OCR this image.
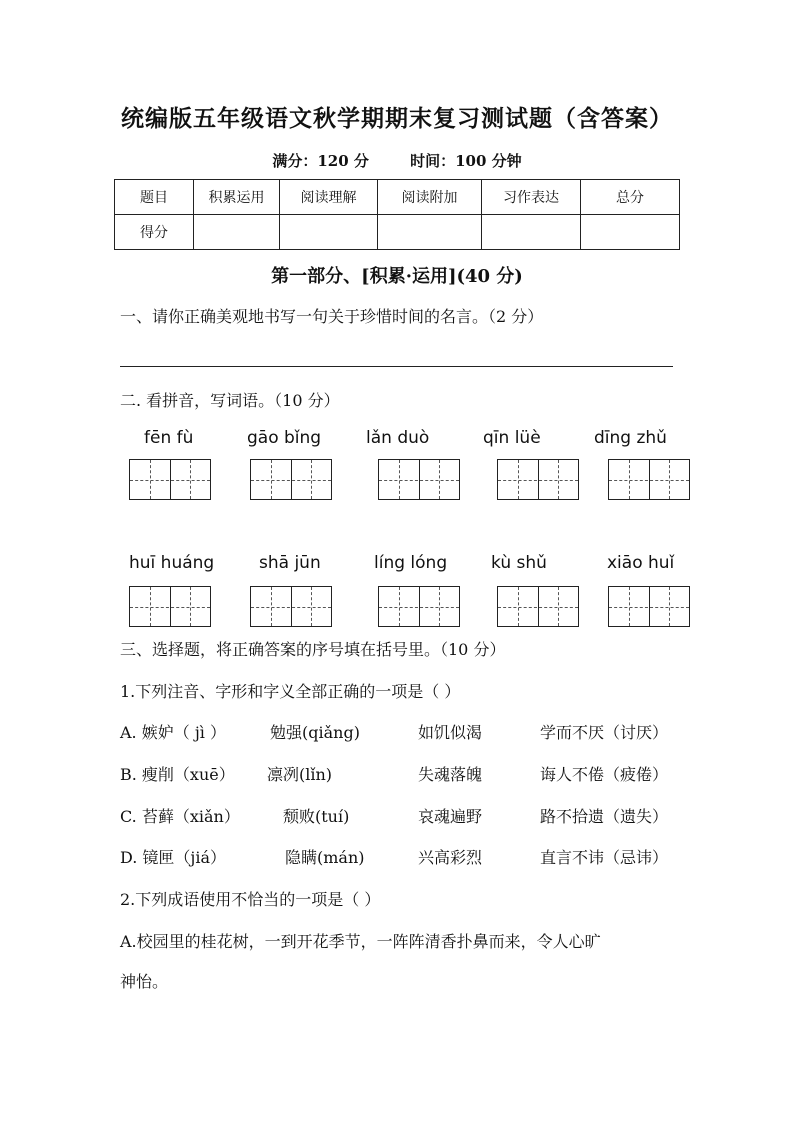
统编版五年级语文秋学期期末复习测试题（含答案）
满分：120 分	时间：100 分钟
题目	积累运用	阅读理解	阅读附加	习作表达	总分
得分					
第一部分、[积累·运用](40 分)
一、请你正确美观地书写一句关于珍惜时间的名言。（2 分）
二. 看拼音，写词语。（10 分）
fēn fù	gāo bǐng	lǎn duò	qīn lüè	dīng zhǔ
huī huáng	shā jūn	líng lóng	kù shǔ	xiāo huǐ
三、选择题，将正确答案的序号填在括号里。（10 分）
1.下列注音、字形和字义全部正确的一项是（ ）
A. 嫉妒（ jì ）	勉强(qiǎng)	如饥似渴	学而不厌（讨厌）
B. 瘦削（xuē） 凛冽(lǐn)	失魂落魄	诲人不倦（疲倦）
C. 苔藓（xiǎn）	颓败(tuí)	哀魂遍野	路不拾遗（遗失）
D. 镜匣（jiá）	隐瞒(mán)	兴高彩烈	直言不讳（忌讳）
2.下列成语使用不恰当的一项是（ ）
A.校园里的桂花树，一到开花季节，一阵阵清香扑鼻而来，令人心旷
神怡。
